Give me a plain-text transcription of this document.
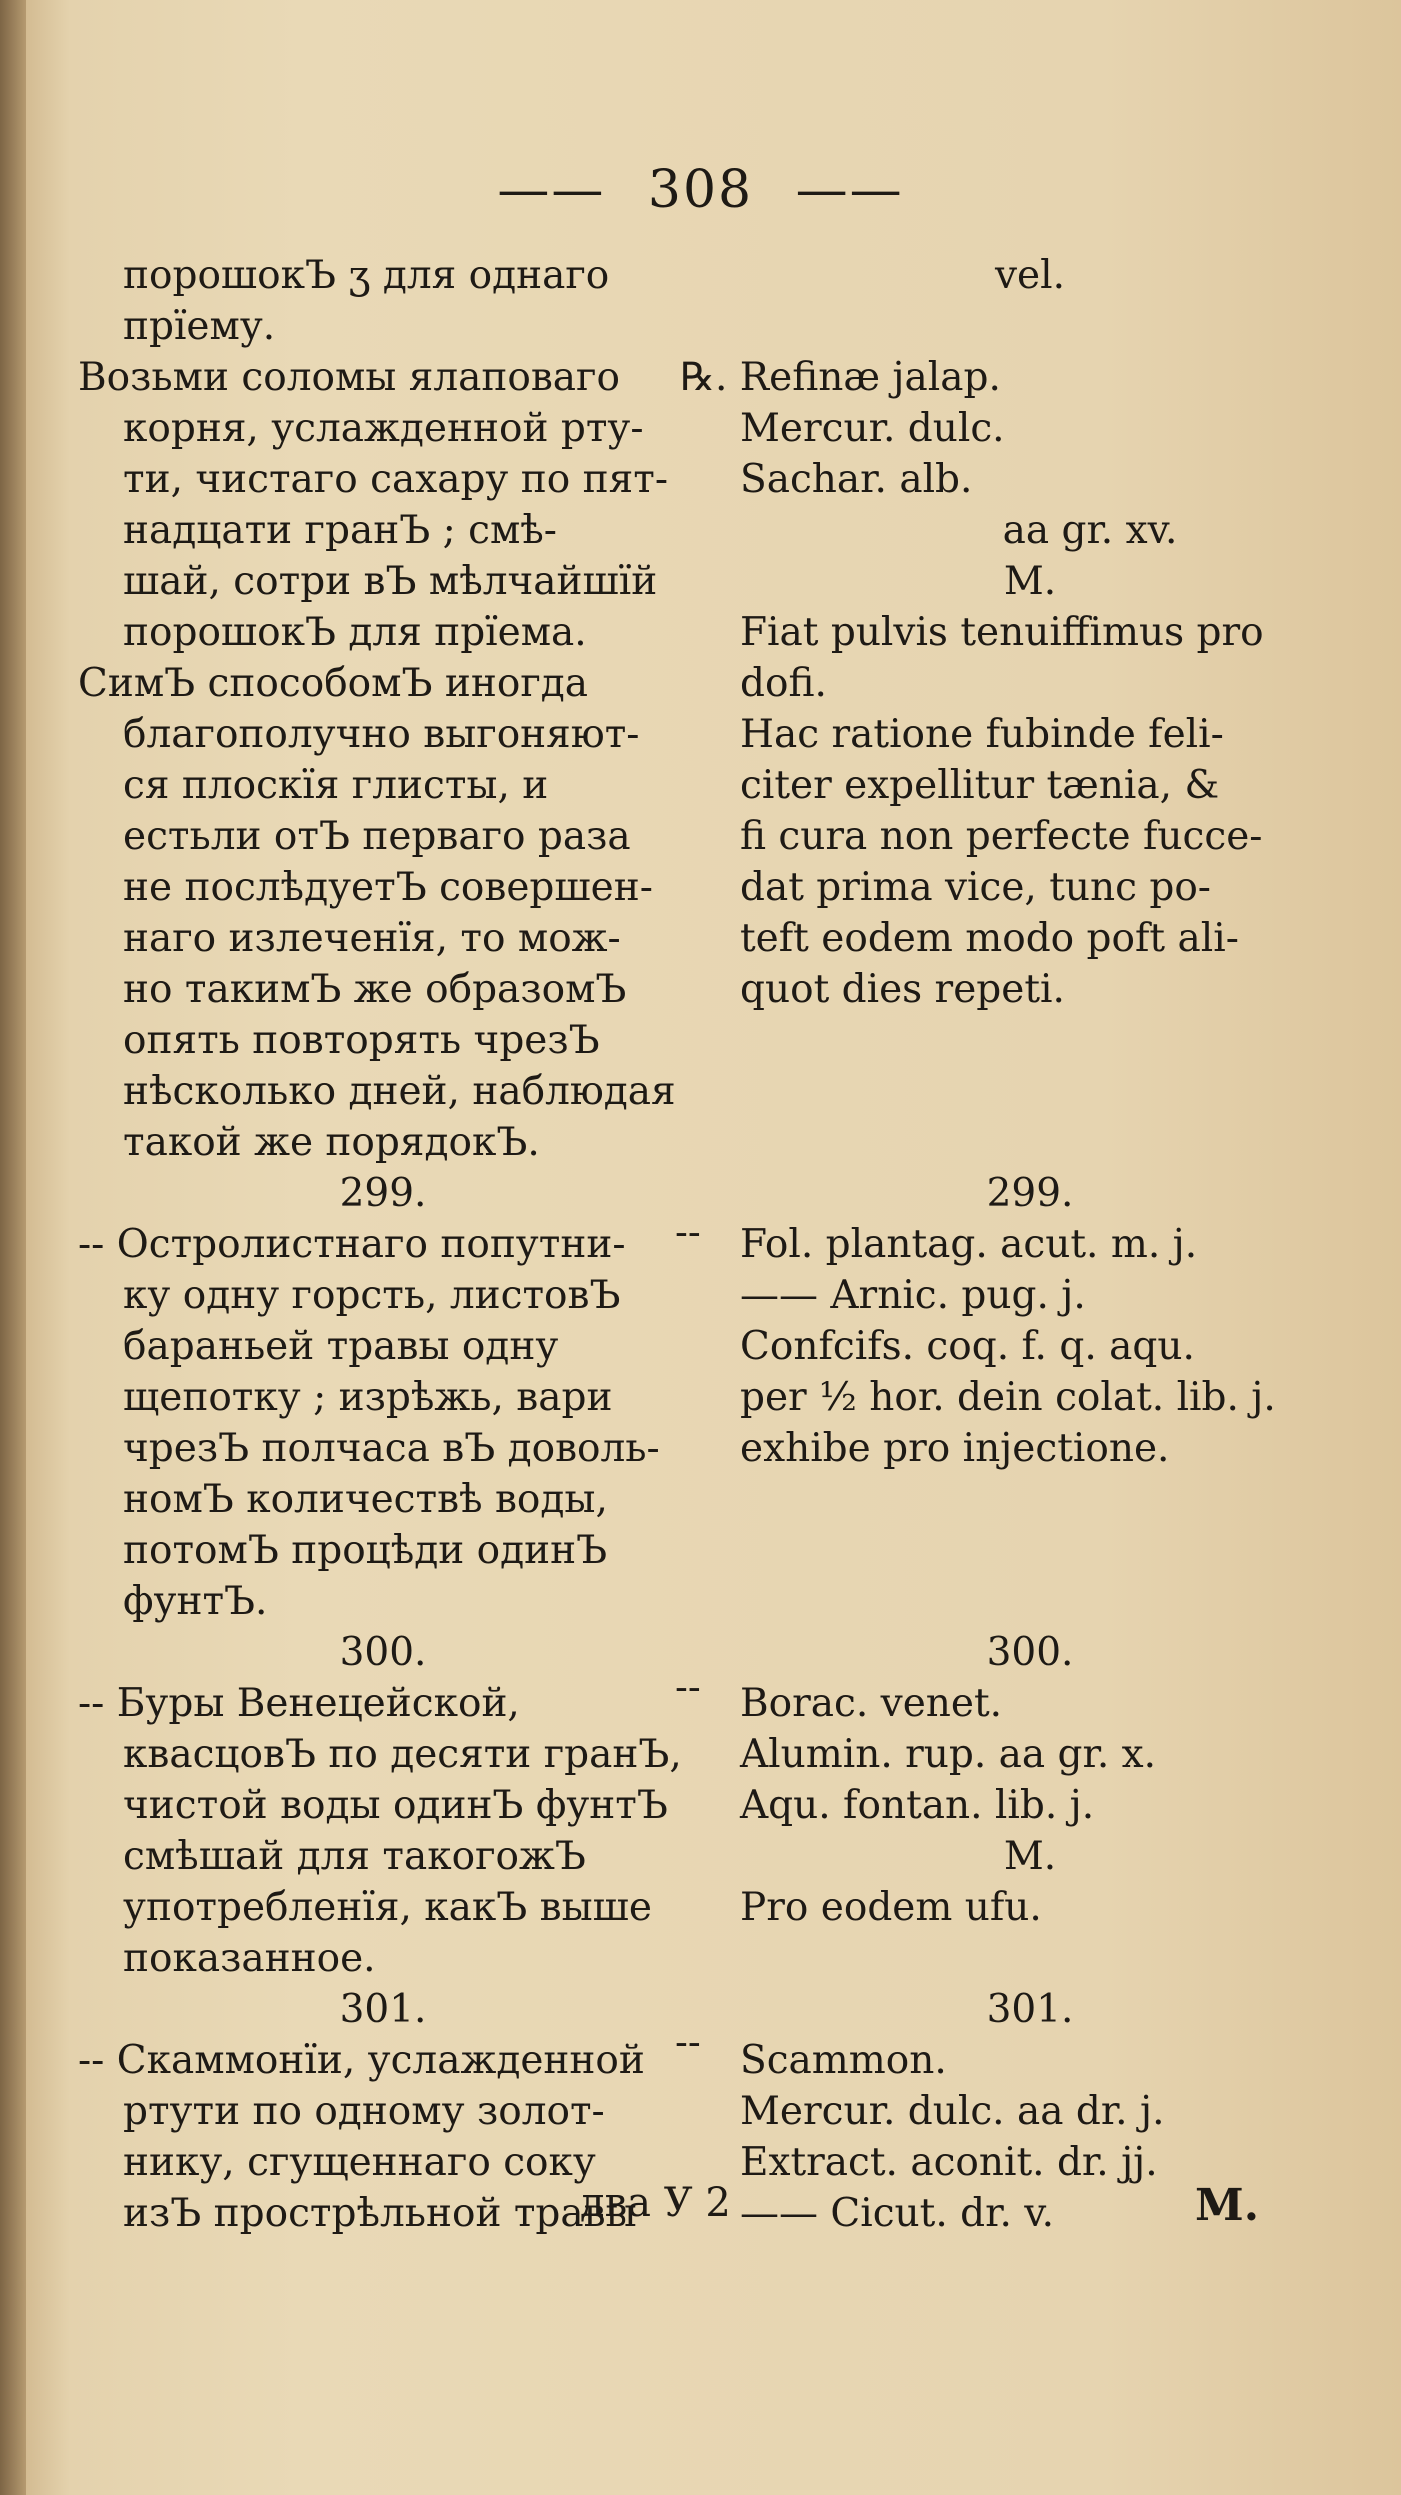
—— 308 ——
порошокЪ ʒ для однаго
прїему.
Возьми соломы ялаповаго
корня, услажденной рту-
ти, чистаго сахару по пят-
надцати гранЪ ; смѣ-
шай, сотри вЪ мѣлчайшїй
порошокЪ для прїема.
СимЪ способомЪ иногда
благополучно выгоняют-
ся плоскїя глисты, и
естьли отЪ перваго раза
не послѣдуетЪ совершен-
наго излеченїя, то мож-
но такимЪ же образомЪ
опять повторять чрезЪ
нѣсколько дней, наблюдая
такой же порядокЪ.
299.
-- Остролистнаго попутни-
ку одну горсть, листовЪ
бараньей травы одну
щепотку ; изрѣжь, вари
чрезЪ полчаса вЪ доволь-
номЪ количествѣ воды,
потомЪ процѣди одинЪ
фунтЪ.
300.
-- Буры Венецейской,
квасцовЪ по десяти гранЪ,
чистой воды одинЪ фунтЪ
смѣшай для такогожЪ
употребленїя, какЪ выше
показанное.
301.
-- Скаммонїи, услажденной
ртути по одному золот-
нику, сгущеннаго соку
изЪ прострѣльной травы
vel.
℞. Refinæ jalap.
Mercur. dulc.
Sachar. alb.
aa gr. xv.
M.
Fiat pulvis tenuiffimus pro
dofi.
Hac ratione fubinde feli-
citer expellitur tænia, &
fi cura non perfecte fucce-
dat prima vice, tunc po-
teft eodem modo poft ali-
quot dies repeti.
299.
Fol. plantag. acut. m. j.
—— Arnic. pug. j.
Confcifs. coq. f. q. aqu.
per ½ hor. dein colat. lib. j.
exhibe pro injectione.
300.
Borac. venet.
Alumin. rup. aa gr. x.
Aqu. fontan. lib. j.
M.
Pro eodem ufu.
301.
Scammon.
Mercur. dulc. aa dr. j.
Extract. aconit. dr. jj.
—— Cicut. dr. v.
--
--
--
два У 2	M.
